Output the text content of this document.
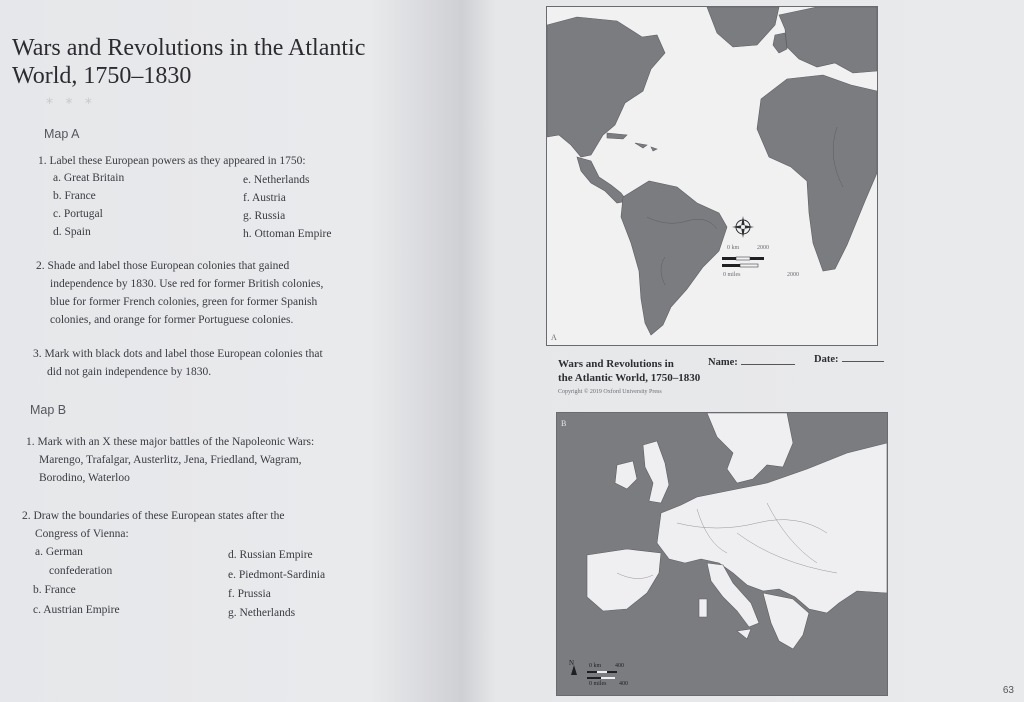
Wars and Revolutions in the Atlantic
World, 1750–1830
* * *
Map A
1. Label these European powers as they appeared in 1750:
a. Great Britain
b. France
c. Portugal
d. Spain
e. Netherlands
f. Austria
g. Russia
h. Ottoman Empire
2. Shade and label those European colonies that gained
independence by 1830. Use red for former British colonies,
blue for former French colonies, green for former Spanish
colonies, and orange for former Portuguese colonies.
3. Mark with black dots and label those European colonies that
did not gain independence by 1830.
Map B
1. Mark with an X these major battles of the Napoleonic Wars:
Marengo, Trafalgar, Austerlitz, Jena, Friedland, Wagram,
Borodino, Waterloo
2. Draw the boundaries of these European states after the
Congress of Vienna:
a. German
confederation
b. France
c. Austrian Empire
d. Russian Empire
e. Piedmont-Sardinia
f. Prussia
g. Netherlands
0 km	2000
0 miles	2000
A
Wars and Revolutions in
the Atlantic World, 1750–1830
Copyright © 2019 Oxford University Press
Name:	Date:
B
N 0 km 400
0 miles 400
63
